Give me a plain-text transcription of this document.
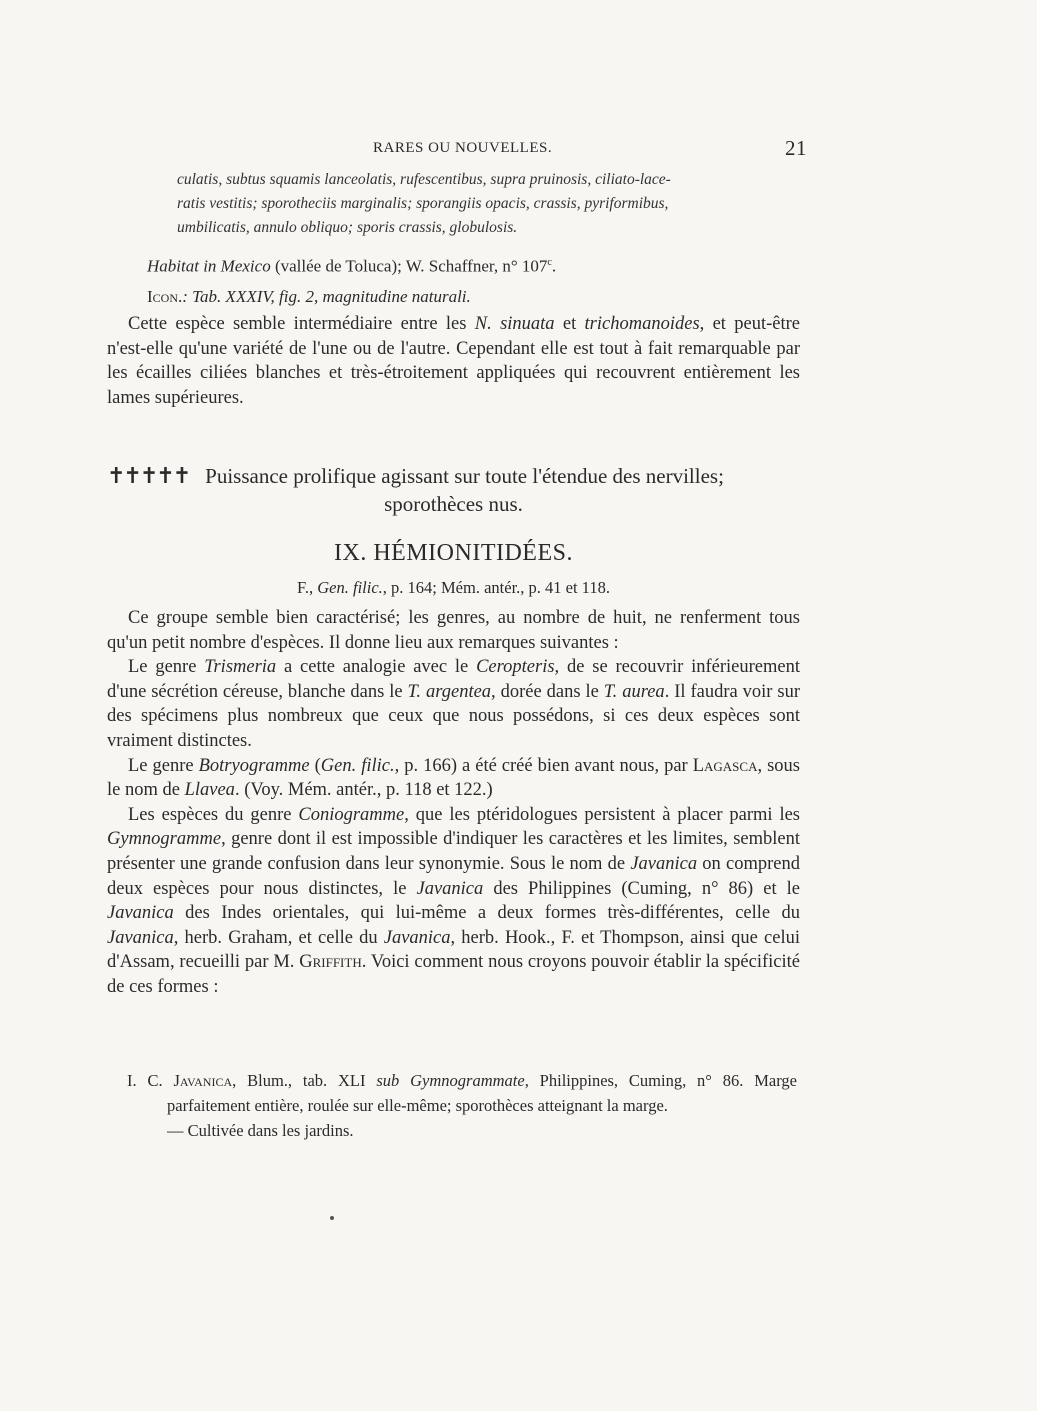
RARES OU NOUVELLES.	21

culatis, subtus squamis lanceolatis, rufescentibus, supra pruinosis, ciliato-lace-

ratis vestitis; sporotheciis marginalis; sporangiis opacis, crassis, pyriformibus,

umbilicatis, annulo obliquo; sporis crassis, globulosis.

Habitat in Mexico (vallée de Toluca); W. Schaffner, n° 107$^c$.

Icon.: Tab. XXXIV, fig. 2, magnitudine naturali.

Cette espèce semble intermédiaire entre les N. sinuata et trichomanoides, et peut-être n'est-elle qu'une variété de l'une ou de l'autre. Cependant elle est tout à fait remarquable par les écailles ciliées blanches et très-étroitement appliquées qui recouvrent entièrement les lames supérieures.

✝✝✝✝✝ Puissance prolifique agissant sur toute l'étendue des nervilles;
sporothèces nus.
IX. HÉMIONITIDÉES.
F., Gen. filic., p. 164; Mém. antér., p. 41 et 118.

Ce groupe semble bien caractérisé; les genres, au nombre de huit, ne renferment tous qu'un petit nombre d'espèces. Il donne lieu aux remarques suivantes :

Le genre Trismeria a cette analogie avec le Ceropteris, de se recouvrir inférieurement d'une sécrétion céreuse, blanche dans le T. argentea, dorée dans le T. aurea. Il faudra voir sur des spécimens plus nombreux que ceux que nous possédons, si ces deux espèces sont vraiment distinctes.

Le genre Botryogramme (Gen. filic., p. 166) a été créé bien avant nous, par Lagasca, sous le nom de Llavea. (Voy. Mém. antér., p. 118 et 122.)

Les espèces du genre Coniogramme, que les ptéridologues persistent à placer parmi les Gymnogramme, genre dont il est impossible d'indiquer les caractères et les limites, semblent présenter une grande confusion dans leur synonymie. Sous le nom de Javanica on comprend deux espèces pour nous distinctes, le Javanica des Philippines (Cuming, n° 86) et le Javanica des Indes orientales, qui lui-même a deux formes très-différentes, celle du Javanica, herb. Graham, et celle du Javanica, herb. Hook., F. et Thompson, ainsi que celui d'Assam, recueilli par M. Griffith. Voici comment nous croyons pouvoir établir la spécificité de ces formes :

I. C. Javanica, Blum., tab. XLI sub Gymnogrammate, Philippines, Cuming, n° 86. Marge parfaitement entière, roulée sur elle-même; sporothèces atteignant la marge.

— Cultivée dans les jardins.
